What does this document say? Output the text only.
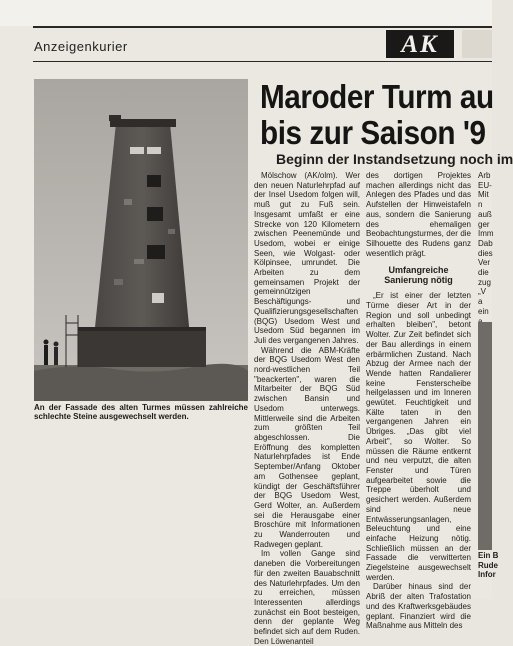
Anzeigenkurier	AK
An der Fassade des alten Turmes müssen zahlreiche schlechte Steine ausgewechselt werden.
Maroder Turm au
bis zur Saison '9
Beginn der Instandsetzung noch im

Mölschow (AK/olm). Wer den neuen Naturlehrpfad auf der Insel Usedom folgen will, muß gut zu Fuß sein. Insgesamt umfaßt er eine Strecke von 120 Kilometern zwischen Peenemünde und Usedom, wobei er einige Seen, wie Wolgast- oder Kölpinsee, umrundet. Die Arbeiten zu dem gemeinsamen Projekt der gemeinnützigen Beschäftigungs- und Qualifizierungsgesellschaften (BQG) Usedom West und Usedom Süd begannen im Juli des vergangenen Jahres.

Während die ABM-Kräfte der BQG Usedom West den nord-westlichen Teil "beackerten", waren die Mitarbeiter der BQG Süd zwischen Bansin und Usedom unterwegs. Mittlerweile sind die Arbeiten zum größten Teil abgeschlossen. Die Eröffnung des kompletten Naturlehrpfades ist Ende September/Anfang Oktober am Gothensee geplant, kündigt der Geschäftsführer der BQG Usedom West, Gerd Wolter, an. Außerdem sei die Herausgabe einer Broschüre mit Informationen zu Wanderrouten und Radwegen geplant.

Im vollen Gange sind daneben die Vorbereitungen für den zweiten Bauabschnitt des Naturlehrpfades. Um den zu erreichen, müssen Interessenten allerdings zunächst ein Boot besteigen, denn der geplante Weg befindet sich auf dem Ruden. Den Löwenanteil

des dortigen Projektes machen allerdings nicht das Anlegen des Pfades und das Aufstellen der Hinweistafeln aus, sondern die Sanierung des ehemaligen Beobachtungsturmes, der die Silhouette des Rudens ganz wesentlich prägt.

Umfangreiche
Sanierung nötig

„Er ist einer der letzten Türme dieser Art in der Region und soll unbedingt erhalten bleiben", betont Wolter. Zur Zeit befindet sich der Bau allerdings in einem erbärmlichen Zustand. Nach Abzug der Armee nach der Wende hatten Randalierer keine Fensterscheibe heilgelassen und im Inneren gewütet. Feuchtigkeit und Kälte taten in den vergangenen Jahren ein Übriges. „Das gibt viel Arbeit", so Wolter. So müssen die Räume entkernt und neu verputzt, die alten Fenster und Türen aufgearbeitet sowie die Treppe überholt und gesichert werden. Außerdem sind neue Entwässerungsanlagen, Beleuchtung und eine einfache Heizung nötig. Schließlich müssen an der Fassade die verwitterten Ziegelsteine ausgewechselt werden.

Darüber hinaus sind der Abriß der alten Trafostation und des Kraftwerksgebäudes geplant. Finanziert wird die Maßnahme aus Mitteln des

Arb
EU-
Mit
n
auß
ger
Imm
Dab
dies
Ver
die
zug
„V
a
ein
Ein B
Rude
Infor
